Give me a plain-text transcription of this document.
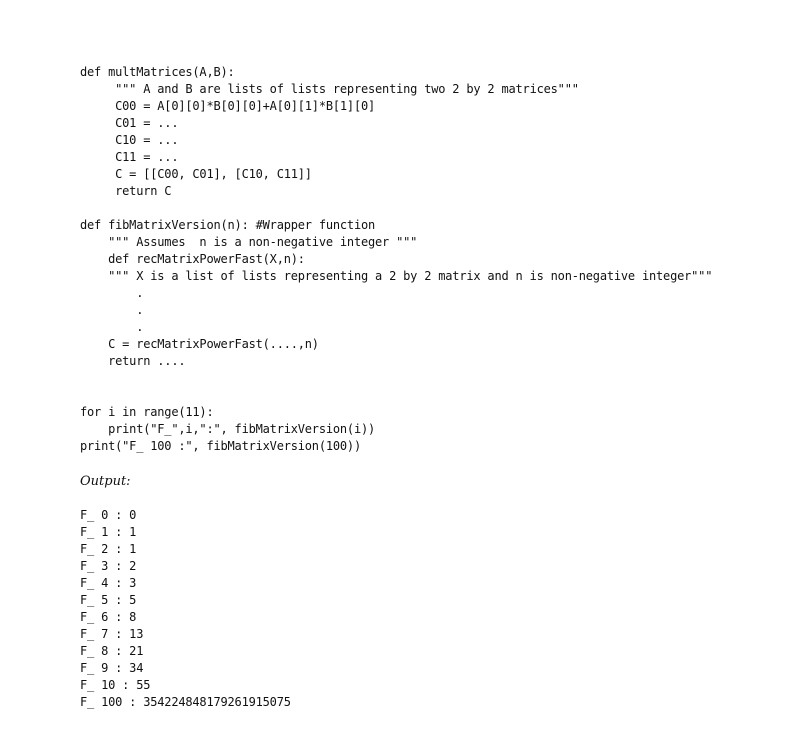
def multMatrices(A,B):
""" A and B are lists of lists representing two 2 by 2 matrices"""
C00 = A[0][0]*B[0][0]+A[0][1]*B[1][0]
C01 = ...
C10 = ...
C11 = ...
C = [[C00, C01], [C10, C11]]
return C
def fibMatrixVersion(n): #Wrapper function
""" Assumes  n is a non-negative integer """
def recMatrixPowerFast(X,n):
""" X is a list of lists representing a 2 by 2 matrix and n is non-negative integer"""
.
.
.
C = recMatrixPowerFast(....,n)
return ....
for i in range(11):
print("F_",i,":", fibMatrixVersion(i))
print("F_ 100 :", fibMatrixVersion(100))
Output:
F_ 0 : 0
F_ 1 : 1
F_ 2 : 1
F_ 3 : 2
F_ 4 : 3
F_ 5 : 5
F_ 6 : 8
F_ 7 : 13
F_ 8 : 21
F_ 9 : 34
F_ 10 : 55
F_ 100 : 354224848179261915075
